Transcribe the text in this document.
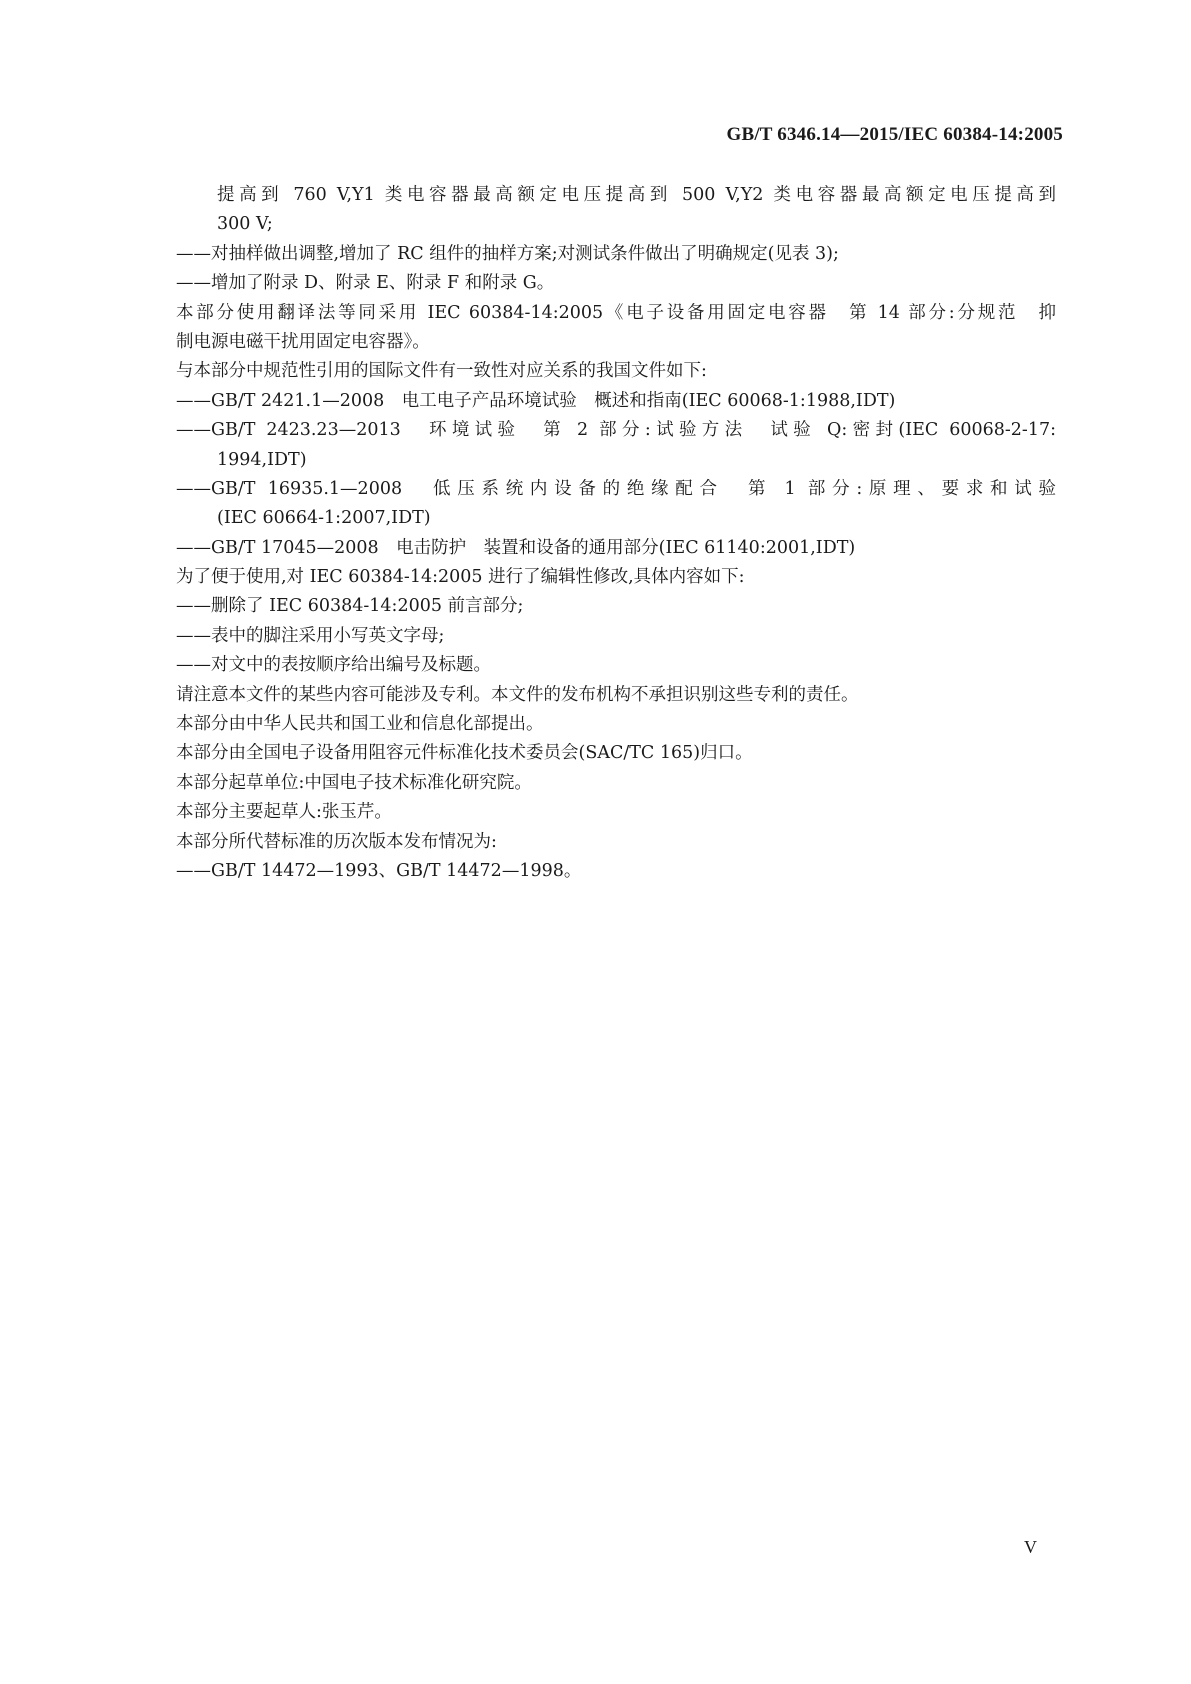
GB/T 6346.14—2015/IEC 60384-14:2005
提高到 760 V,Y1 类电容器最高额定电压提高到 500 V,Y2 类电容器最高额定电压提高到
300 V;
——对抽样做出调整,增加了 RC 组件的抽样方案;对测试条件做出了明确规定(见表 3);
——增加了附录 D、附录 E、附录 F 和附录 G。
本部分使用翻译法等同采用 IEC 60384-14:2005《电子设备用固定电容器　第 14 部分:分规范　抑
制电源电磁干扰用固定电容器》。
与本部分中规范性引用的国际文件有一致性对应关系的我国文件如下:
——GB/T 2421.1—2008　电工电子产品环境试验　概述和指南(IEC 60068-1:1988,IDT)
——GB/T 2423.23—2013　环境试验　第 2 部分:试验方法　试验 Q:密封(IEC 60068-2-17:
1994,IDT)
——GB/T 16935.1—2008　低压系统内设备的绝缘配合　第 1 部分:原理、要求和试验
(IEC 60664-1:2007,IDT)
——GB/T 17045—2008　电击防护　装置和设备的通用部分(IEC 61140:2001,IDT)
为了便于使用,对 IEC 60384-14:2005 进行了编辑性修改,具体内容如下:
——删除了 IEC 60384-14:2005 前言部分;
——表中的脚注采用小写英文字母;
——对文中的表按顺序给出编号及标题。
请注意本文件的某些内容可能涉及专利。本文件的发布机构不承担识别这些专利的责任。
本部分由中华人民共和国工业和信息化部提出。
本部分由全国电子设备用阻容元件标准化技术委员会(SAC/TC 165)归口。
本部分起草单位:中国电子技术标准化研究院。
本部分主要起草人:张玉芹。
本部分所代替标准的历次版本发布情况为:
——GB/T 14472—1993、GB/T 14472—1998。
V
